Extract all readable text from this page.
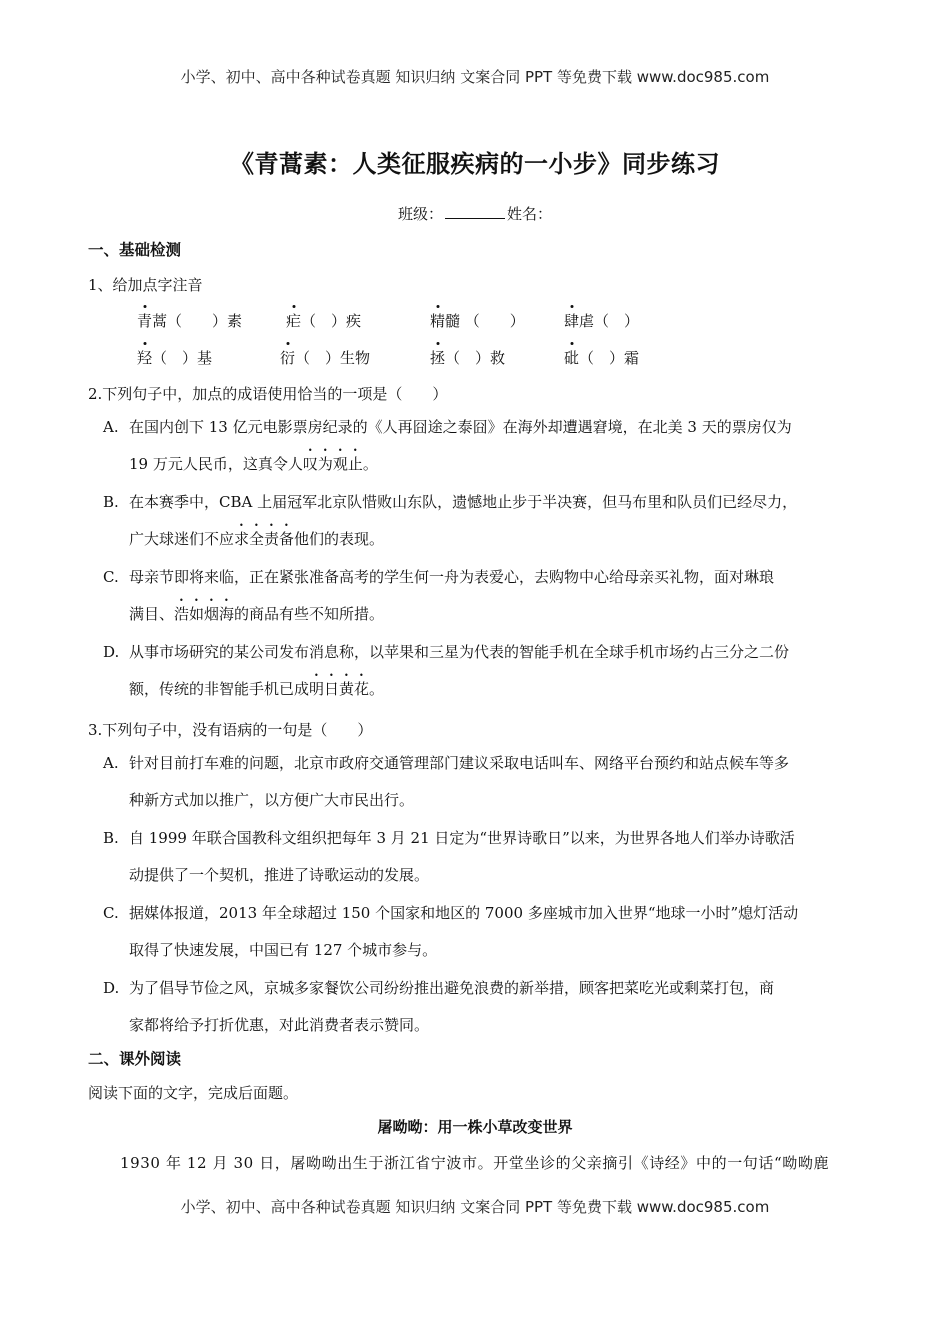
小学、初中、高中各种试卷真题 知识归纳 文案合同 PPT 等免费下载 www.doc985.com
《青蒿素：人类征服疾病的一小步》同步练习
班级：	姓名：
一、基础检测
1、给加点字注音
青蒿（　　）素	疟（　）疾	精髓 （　　）	肆虐（　）
羟（　）基	衍（　）生物	拯（　）救	砒（　）霜
2.下列句子中，加点的成语使用恰当的一项是（　　）
A. 在国内创下 13 亿元电影票房纪录的《人再囧途之泰囧》在海外却遭遇窘境，在北美 3 天的票房仅为
19 万元人民币，这真令人叹为观止。
B. 在本赛季中，CBA 上届冠军北京队惜败山东队，遗憾地止步于半决赛，但马布里和队员们已经尽力，
广大球迷们不应求全责备他们的表现。
C. 母亲节即将来临，正在紧张准备高考的学生何一舟为表爱心，去购物中心给母亲买礼物，面对琳琅
满目、浩如烟海的商品有些不知所措。
D. 从事市场研究的某公司发布消息称，以苹果和三星为代表的智能手机在全球手机市场约占三分之二份
额，传统的非智能手机已成明日黄花。
3.下列句子中，没有语病的一句是（　　）
A. 针对目前打车难的问题，北京市政府交通管理部门建议采取电话叫车、网络平台预约和站点候车等多
种新方式加以推广，以方便广大市民出行。
B. 自 1999 年联合国教科文组织把每年 3 月 21 日定为“世界诗歌日”以来，为世界各地人们举办诗歌活
动提供了一个契机，推进了诗歌运动的发展。
C. 据媒体报道，2013 年全球超过 150 个国家和地区的 7000 多座城市加入世界“地球一小时”熄灯活动
取得了快速发展，中国已有 127 个城市参与。
D. 为了倡导节俭之风，京城多家餐饮公司纷纷推出避免浪费的新举措，顾客把菜吃光或剩菜打包，商
家都将给予打折优惠，对此消费者表示赞同。
二、课外阅读
阅读下面的文字，完成后面题。
屠呦呦：用一株小草改变世界
1930 年 12 月 30 日，屠呦呦出生于浙江省宁波市。开堂坐诊的父亲摘引《诗经》中的一句话“呦呦鹿
小学、初中、高中各种试卷真题 知识归纳 文案合同 PPT 等免费下载 www.doc985.com
